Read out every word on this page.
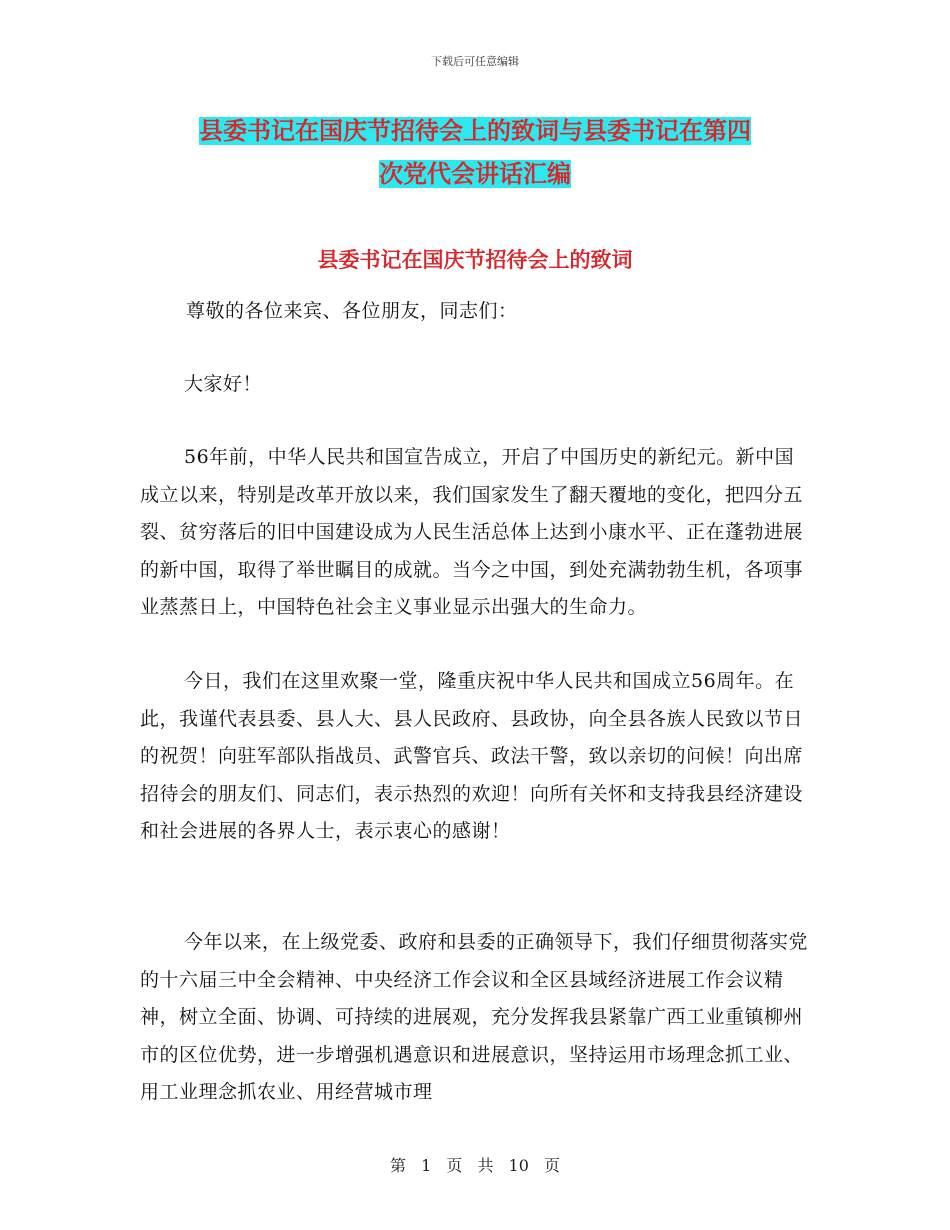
下载后可任意编辑
县委书记在国庆节招待会上的致词与县委书记在第四
次党代会讲话汇编
县委书记在国庆节招待会上的致词

尊敬的各位来宾、各位朋友，同志们：

大家好！

56年前，中华人民共和国宣告成立，开启了中国历史的新纪元。新中国成立以来，特别是改革开放以来，我们国家发生了翻天覆地的变化，把四分五裂、贫穷落后的旧中国建设成为人民生活总体上达到小康水平、正在蓬勃进展的新中国，取得了举世瞩目的成就。当今之中国，到处充满勃勃生机，各项事业蒸蒸日上，中国特色社会主义事业显示出强大的生命力。

今日，我们在这里欢聚一堂，隆重庆祝中华人民共和国成立56周年。在此，我谨代表县委、县人大、县人民政府、县政协，向全县各族人民致以节日的祝贺！向驻军部队指战员、武警官兵、政法干警，致以亲切的问候！向出席招待会的朋友们、同志们，表示热烈的欢迎！向所有关怀和支持我县经济建设和社会进展的各界人士，表示衷心的感谢！

今年以来，在上级党委、政府和县委的正确领导下，我们仔细贯彻落实党的十六届三中全会精神、中央经济工作会议和全区县域经济进展工作会议精神，树立全面、协调、可持续的进展观，充分发挥我县紧靠广西工业重镇柳州市的区位优势，进一步增强机遇意识和进展意识，坚持运用市场理念抓工业、用工业理念抓农业、用经营城市理

第 1 页 共 10 页
